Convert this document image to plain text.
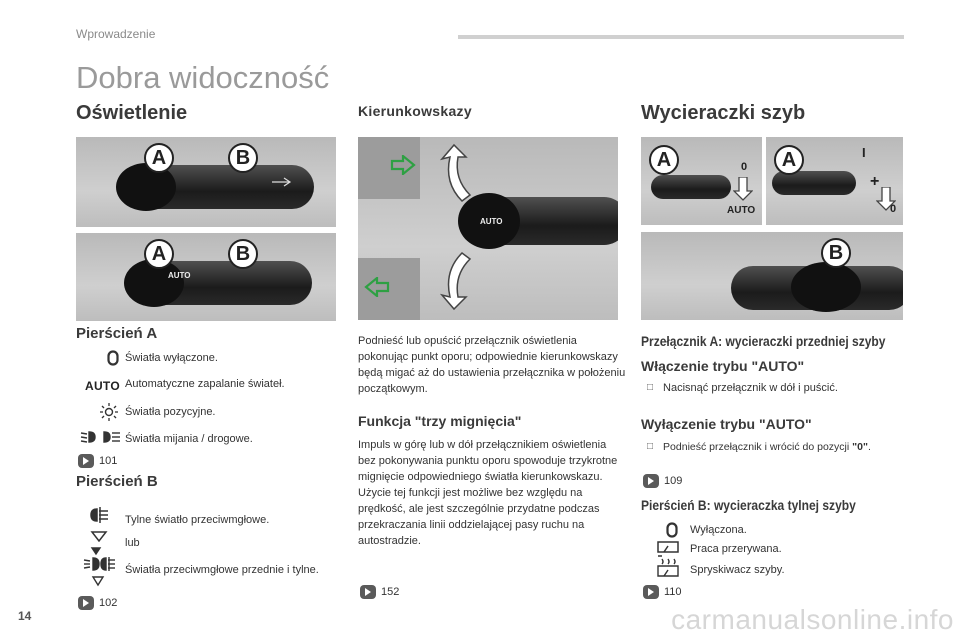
Wprowadzenie
Dobra widoczność
Oświetlenie
A	B
A	B
AUTO
Pierścień A
Światła wyłączone.
AUTO Automatyczne zapalanie świateł.
Światła pozycyjne.
Światła mijania / drogowe.
101
Pierścień B
Tylne światło przeciwmgłowe.
lub
Światła przeciwmgłowe przednie i tylne.
102
Kierunkowskazy
AUTO
Podnieść lub opuścić przełącznik oświetlenia pokonując punkt oporu; odpowiednie kierunkowskazy będą migać aż do ustawienia przełącznika w położeniu początkowym.
Funkcja "trzy mignięcia"
Impuls w górę lub w dół przełącznikiem oświetlenia bez pokonywania punktu oporu spowoduje trzykrotne mignięcie odpowiedniego światła kierunkowskazu.
Użycie tej funkcji jest możliwe bez względu na prędkość, ale jest szczególnie przydatne podczas przekraczania linii oddzielającej pasy ruchu na autostradzie.
152
Wycieraczki szyb
A	0
AUTO
A	I
+
0
B
Przełącznik A: wycieraczki przedniej szyby
Włączenie trybu "AUTO"
□ Nacisnąć przełącznik w dół i puścić.
Wyłączenie trybu "AUTO"
□ Podnieść przełącznik i wrócić do pozycji "0".
109
Pierścień B: wycieraczka tylnej szyby
Wyłączona.
Praca przerywana.
Spryskiwacz szyby.
110
14	carmanualsonline.info
